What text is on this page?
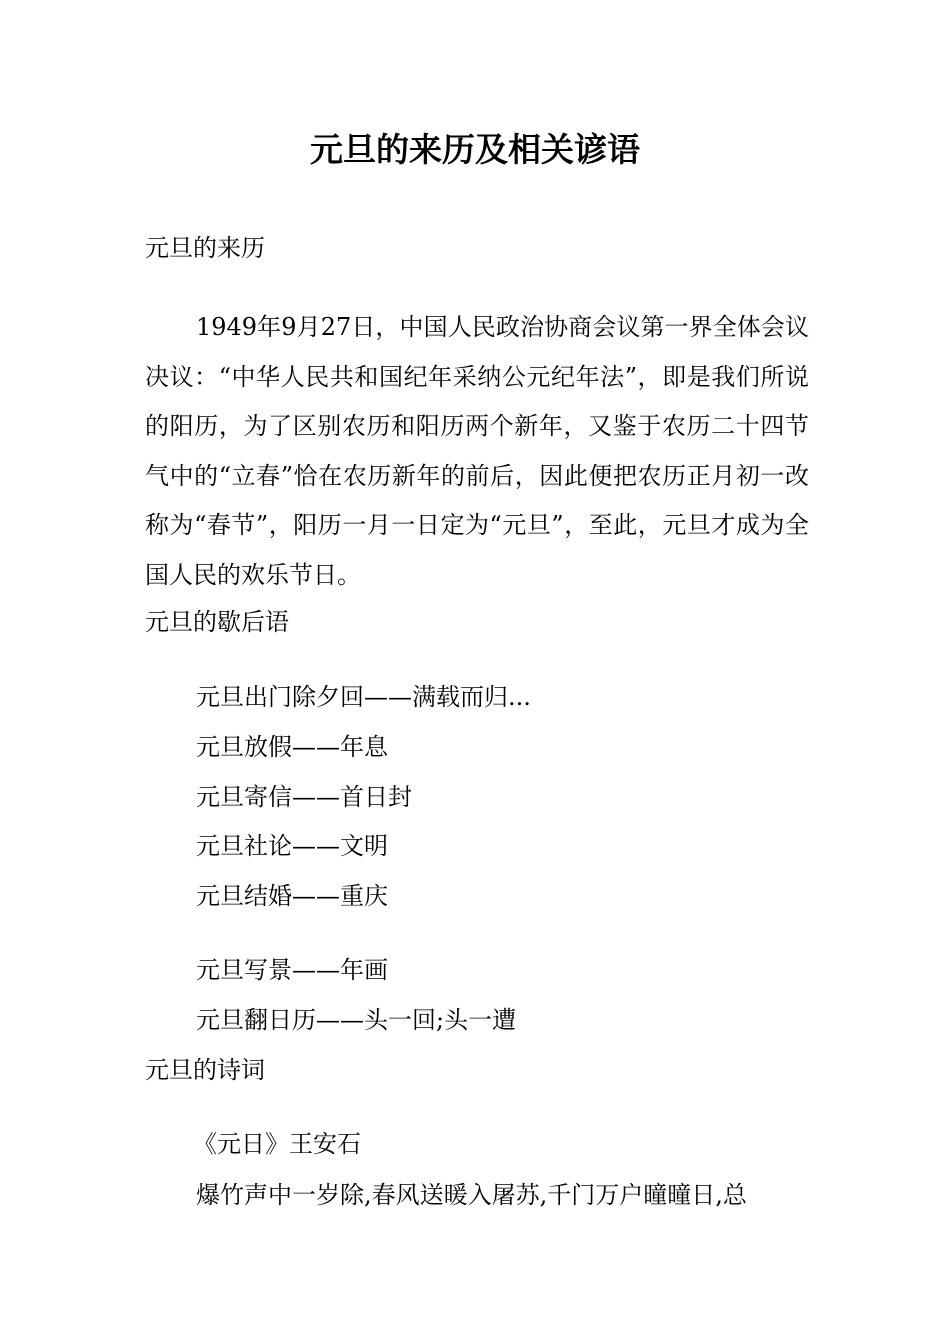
元旦的来历及相关谚语

元旦的来历

1949年9月27日，中国人民政治协商会议第一界全体会议决议：“中华人民共和国纪年采纳公元纪年法”，即是我们所说的阳历，为了区别农历和阳历两个新年，又鉴于农历二十四节气中的“立春”恰在农历新年的前后，因此便把农历正月初一改称为“春节”，阳历一月一日定为“元旦”，至此，元旦才成为全国人民的欢乐节日。

元旦的歇后语

元旦出门除夕回——满载而归...

元旦放假——年息

元旦寄信——首日封

元旦社论——文明

元旦结婚——重庆

元旦写景——年画

元旦翻日历——头一回;头一遭

元旦的诗词

《元日》王安石

爆竹声中一岁除,春风送暖入屠苏,千门万户曈曈日,总
